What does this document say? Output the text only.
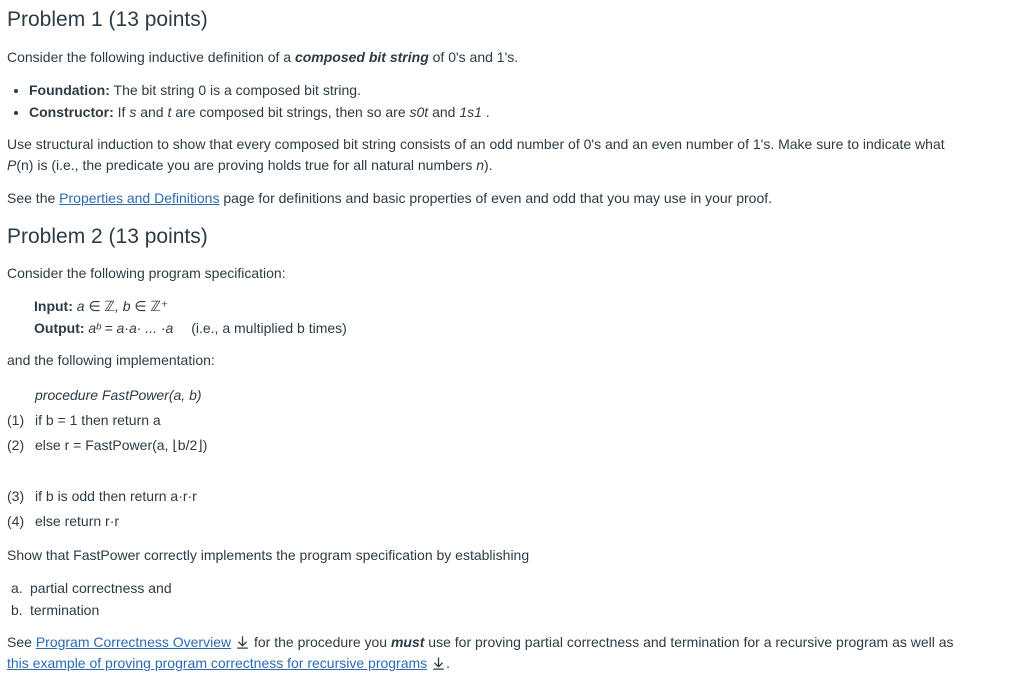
Problem 1 (13 points)

Consider the following inductive definition of a composed bit string of 0's and 1's.

• Foundation: The bit string 0 is a composed bit string.
• Constructor: If s and t are composed bit strings, then so are s0t and 1s1 .

Use structural induction to show that every composed bit string consists of an odd number of 0's and an even number of 1's. Make sure to indicate what
P(n) is (i.e., the predicate you are proving holds true for all natural numbers n).

See the Properties and Definitions page for definitions and basic properties of even and odd that you may use in your proof.

Problem 2 (13 points)

Consider the following program specification:

Input: a ∈ ℤ, b ∈ ℤ⁺
Output: aᵇ = a·a· ... ·a (i.e., a multiplied b times)

and the following implementation:

procedure FastPower(a, b)
(1) if b = 1 then return a
(2) else r = FastPower(a, ⌊b/2⌋)
(3) if b is odd then return a·r·r
(4) else return r·r

Show that FastPower correctly implements the program specification by establishing

a. partial correctness and
b. termination

See Program Correctness Overview for the procedure you must use for proving partial correctness and termination for a recursive program as well as
this example of proving program correctness for recursive programs .
